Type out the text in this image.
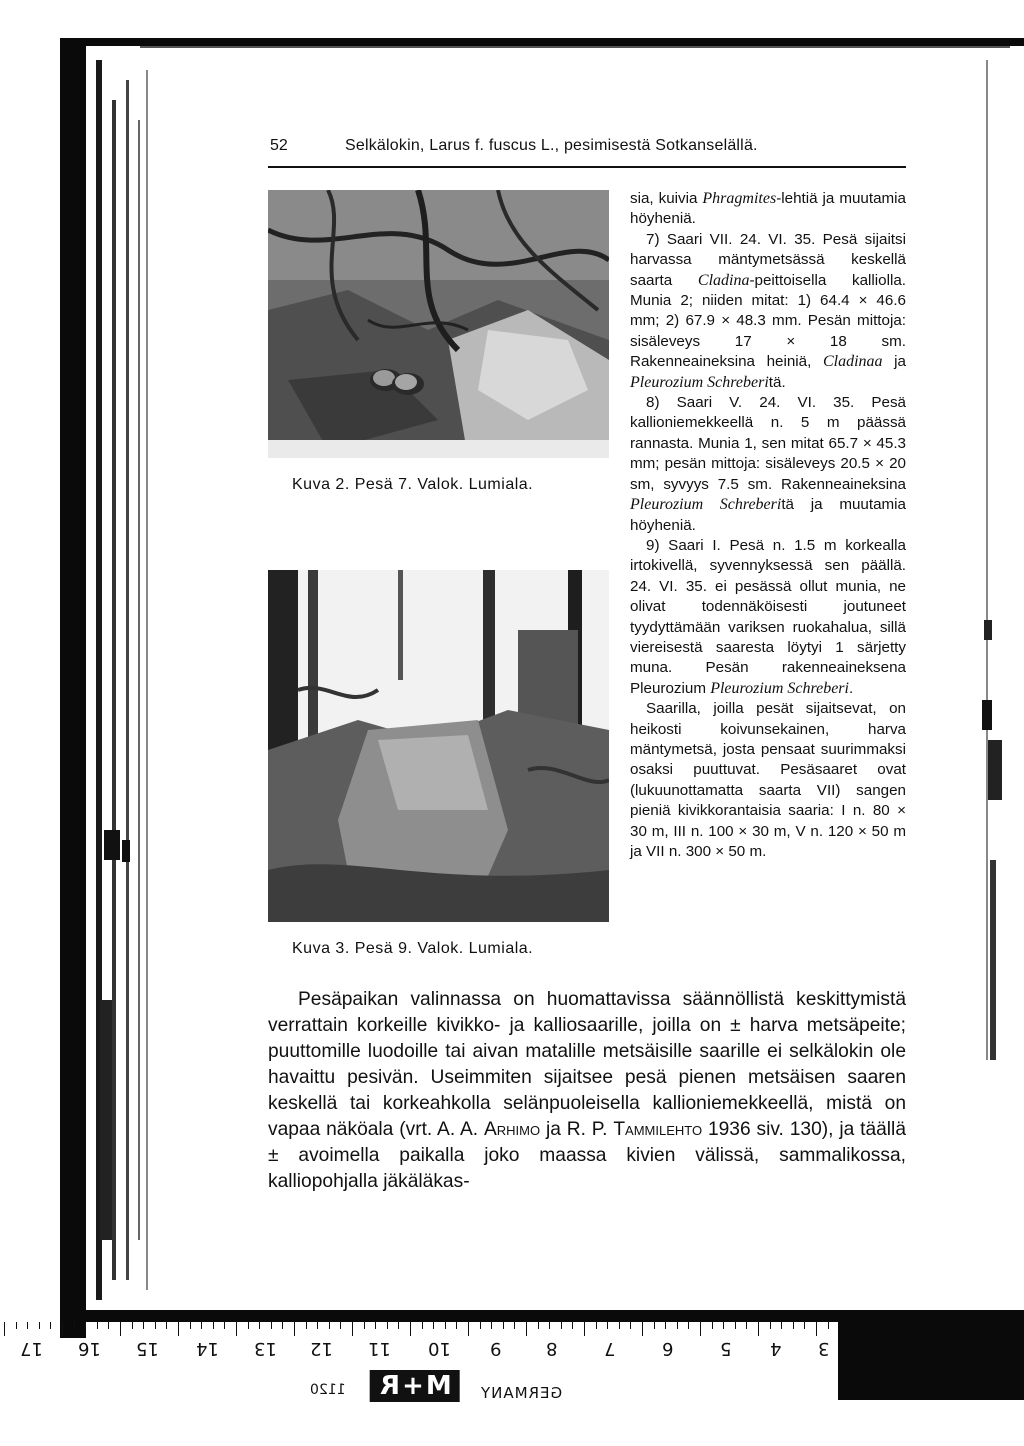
52	Selkälokin, Larus f. fuscus L., pesimisestä Sotkanselällä.
Kuva 2. Pesä 7. Valok. Lumiala.
Kuva 3. Pesä 9. Valok. Lumiala.

sia, kuivia Phragmites-lehtiä ja muutamia höyheniä.

7) Saari VII. 24. VI. 35. Pesä sijaitsi harvassa mäntymetsässä keskellä saarta Cladina-peittoisella kalliolla. Munia 2; niiden mitat: 1) 64.4 × 46.6 mm; 2) 67.9 × 48.3 mm. Pesän mittoja: sisäleveys 17 × 18 sm. Rakenneaineksina heiniä, Cladinaa ja Pleurozium Schreberitä.

8) Saari V. 24. VI. 35. Pesä kallioniemekkeellä n. 5 m päässä rannasta. Munia 1, sen mitat 65.7 × 45.3 mm; pesän mittoja: sisäleveys 20.5 × 20 sm, syvyys 7.5 sm. Rakenneaineksina Pleurozium Schreberitä ja muutamia höyheniä.

9) Saari I. Pesä n. 1.5 m korkealla irtokivellä, syvennyksessä sen päällä. 24. VI. 35. ei pesässä ollut munia, ne olivat todennäköisesti joutuneet tyydyttämään variksen ruokahalua, sillä viereisestä saaresta löytyi 1 särjetty muna. Pesän rakenneaineksena Pleurozium Pleurozium Schreberi.

Saarilla, joilla pesät sijaitsevat, on heikosti koivunsekainen, harva mäntymetsä, josta pensaat suurimmaksi osaksi puuttuvat. Pesäsaaret ovat (lukuunottamatta saarta VII) sangen pieniä kivikkorantaisia saaria: I n. 80 × 30 m, III n. 100 × 30 m, V n. 120 × 50 m ja VII n. 300 × 50 m.

Pesäpaikan valinnassa on huomattavissa säännöllistä keskittymistä verrattain korkeille kivikko- ja kalliosaarille, joilla on ± harva metsäpeite; puuttomille luodoille tai aivan matalille metsäisille saarille ei selkälokin ole havaittu pesivän. Useimmiten sijaitsee pesä pienen metsäisen saaren keskellä tai korkeahkolla selänpuoleisella kallioniemekkeellä, mistä on vapaa näköala (vrt. A. A. Arhimo ja R. P. Tammilehto 1936 siv. 130), ja täällä ± avoimella paikalla joko maassa kivien välissä, sammalikossa, kalliopohjalla jäkäläkas-

17 16 15 14 13 12 11 10 9 8	7	6	5 4 3
1120	M+R	GERMANY
